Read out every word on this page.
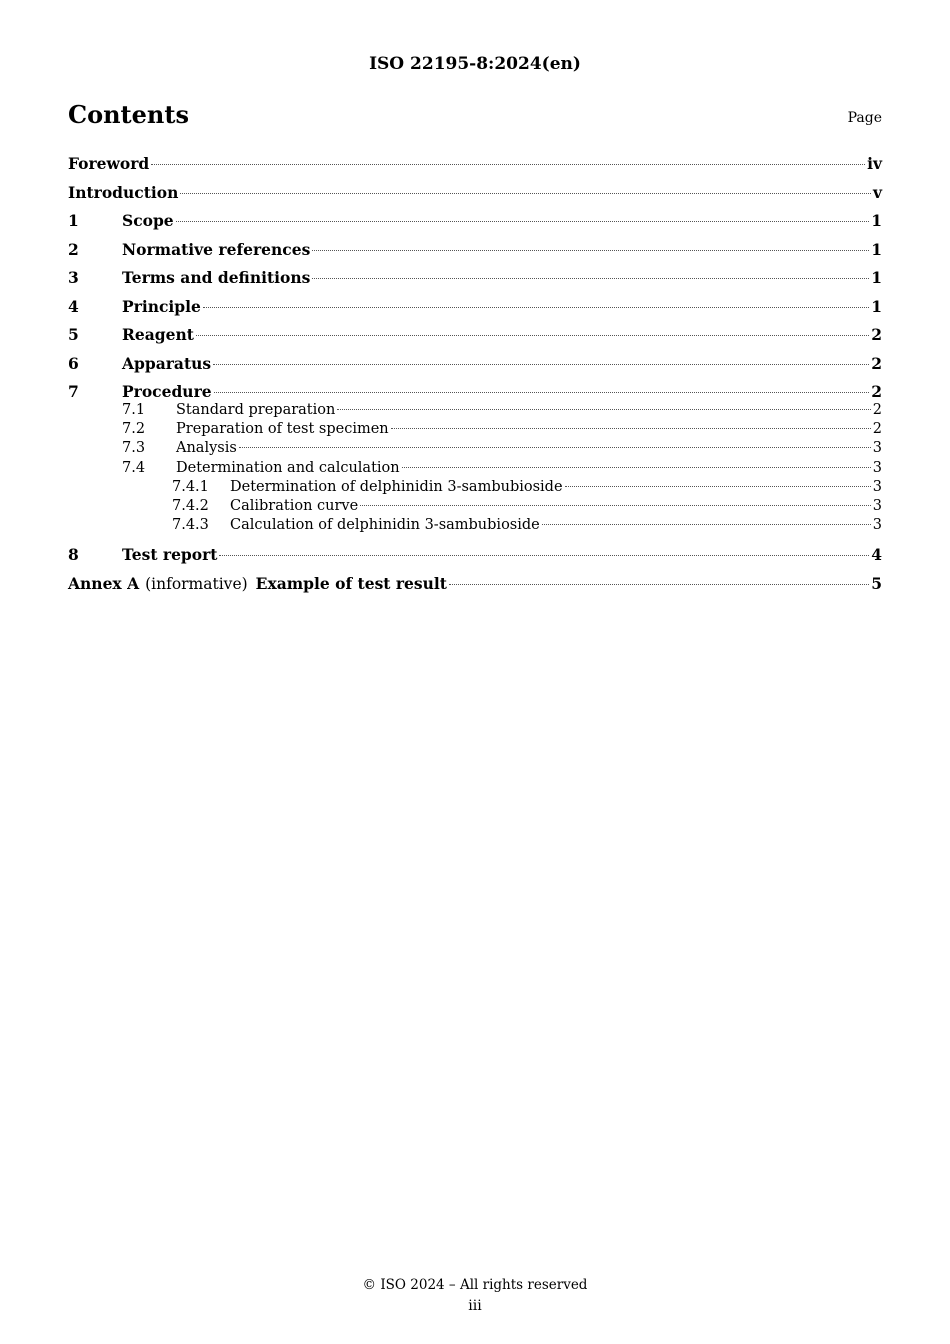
ISO 22195-8:2024(en)
Contents	Page
Foreword	iv
Introduction	v
1	Scope	1
2	Normative references	1
3	Terms and definitions	1
4	Principle	1
5	Reagent	2
6	Apparatus	2
7	Procedure	2
7.1	Standard preparation	2
7.2	Preparation of test specimen	2
7.3	Analysis	3
7.4	Determination and calculation	3
7.4.1	Determination of delphinidin 3-sambubioside	3
7.4.2	Calibration curve	3
7.4.3	Calculation of delphinidin 3-sambubioside	3
8	Test report	4
Annex A (informative) Example of test result	5
© ISO 2024 – All rights reserved
iii
